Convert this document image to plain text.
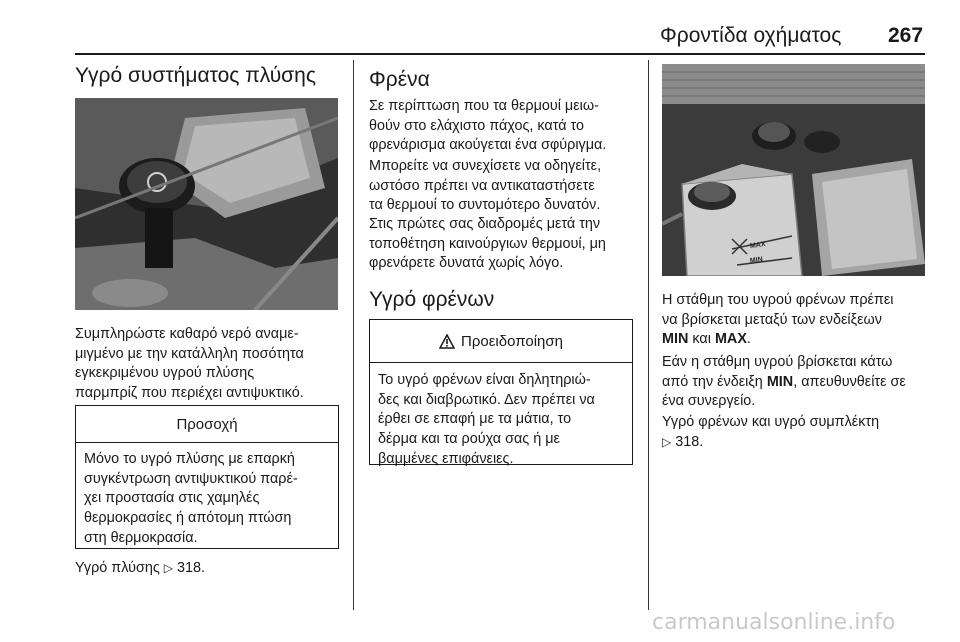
Φροντίδα οχήματος 267
Υγρό συστήματος πλύσης

Συμπληρώστε καθαρό νερό αναμε‐
μιγμένο με την κατάλληλη ποσότητα
εγκεκριμένου υγρού πλύσης
παρμπρίζ που περιέχει αντιψυκτικό.

Προσοχή
Μόνο το υγρό πλύσης με επαρκή
συγκέντρωση αντιψυκτικού παρέ‐
χει προστασία στις χαμηλές
θερμοκρασίες ή απότομη πτώση
στη θερμοκρασία.

Υγρό πλύσης ▷ 318.

Φρένα

Σε περίπτωση που τα θερμουί μειω‐
θούν στο ελάχιστο πάχος, κατά το
φρενάρισμα ακούγεται ένα σφύριγμα.

Μπορείτε να συνεχίσετε να οδηγείτε,
ωστόσο πρέπει να αντικαταστήσετε
τα θερμουί το συντομότερο δυνατόν.

Στις πρώτες σας διαδρομές μετά την
τοποθέτηση καινούργιων θερμουί, μη
φρενάρετε δυνατά χωρίς λόγο.

Υγρό φρένων
Προειδοποίηση
Το υγρό φρένων είναι δηλητηριώ‐
δες και διαβρωτικό. Δεν πρέπει να
έρθει σε επαφή με τα μάτια, το
δέρμα και τα ρούχα σας ή με
βαμμένες επιφάνειες.
MAX
MIN

Η στάθμη του υγρού φρένων πρέπει
να βρίσκεται μεταξύ των ενδείξεων
MIN και MAX.

Εάν η στάθμη υγρού βρίσκεται κάτω
από την ένδειξη MIN, απευθυνθείτε σε
ένα συνεργείο.

Υγρό φρένων και υγρό συμπλέκτη
▷ 318.

carmanualsonline.info
